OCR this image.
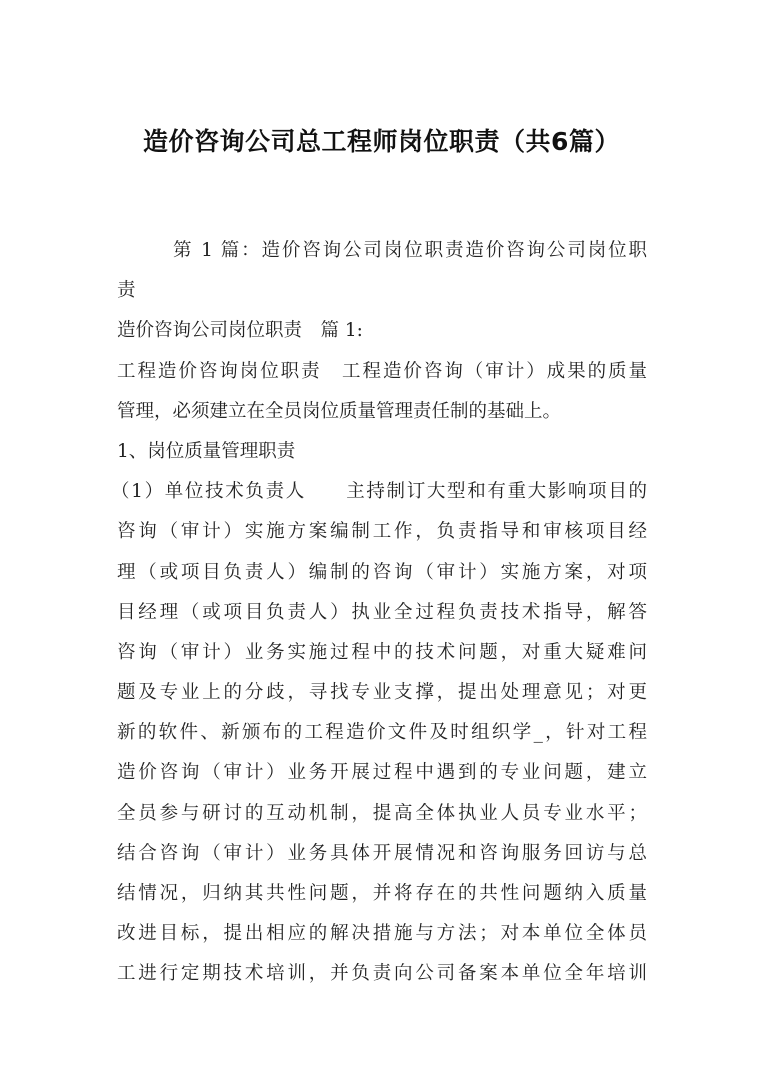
造价咨询公司总工程师岗位职责（共6篇）
第 1 篇：造价咨询公司岗位职责造价咨询公司岗位职
责
造价咨询公司岗位职责　篇 1:
工程造价咨询岗位职责　工程造价咨询（审计）成果的质量
管理，必须建立在全员岗位质量管理责任制的基础上。
1、岗位质量管理职责
（1）单位技术负责人　　主持制订大型和有重大影响项目的
咨询（审计）实施方案编制工作，负责指导和审核项目经
理（或项目负责人）编制的咨询（审计）实施方案，对项
目经理（或项目负责人）执业全过程负责技术指导，解答
咨询（审计）业务实施过程中的技术问题，对重大疑难问
题及专业上的分歧，寻找专业支撑，提出处理意见；对更
新的软件、新颁布的工程造价文件及时组织学_，针对工程
造价咨询（审计）业务开展过程中遇到的专业问题，建立
全员参与研讨的互动机制，提高全体执业人员专业水平；
结合咨询（审计）业务具体开展情况和咨询服务回访与总
结情况，归纳其共性问题，并将存在的共性问题纳入质量
改进目标，提出相应的解决措施与方法；对本单位全体员
工进行定期技术培训，并负责向公司备案本单位全年培训
